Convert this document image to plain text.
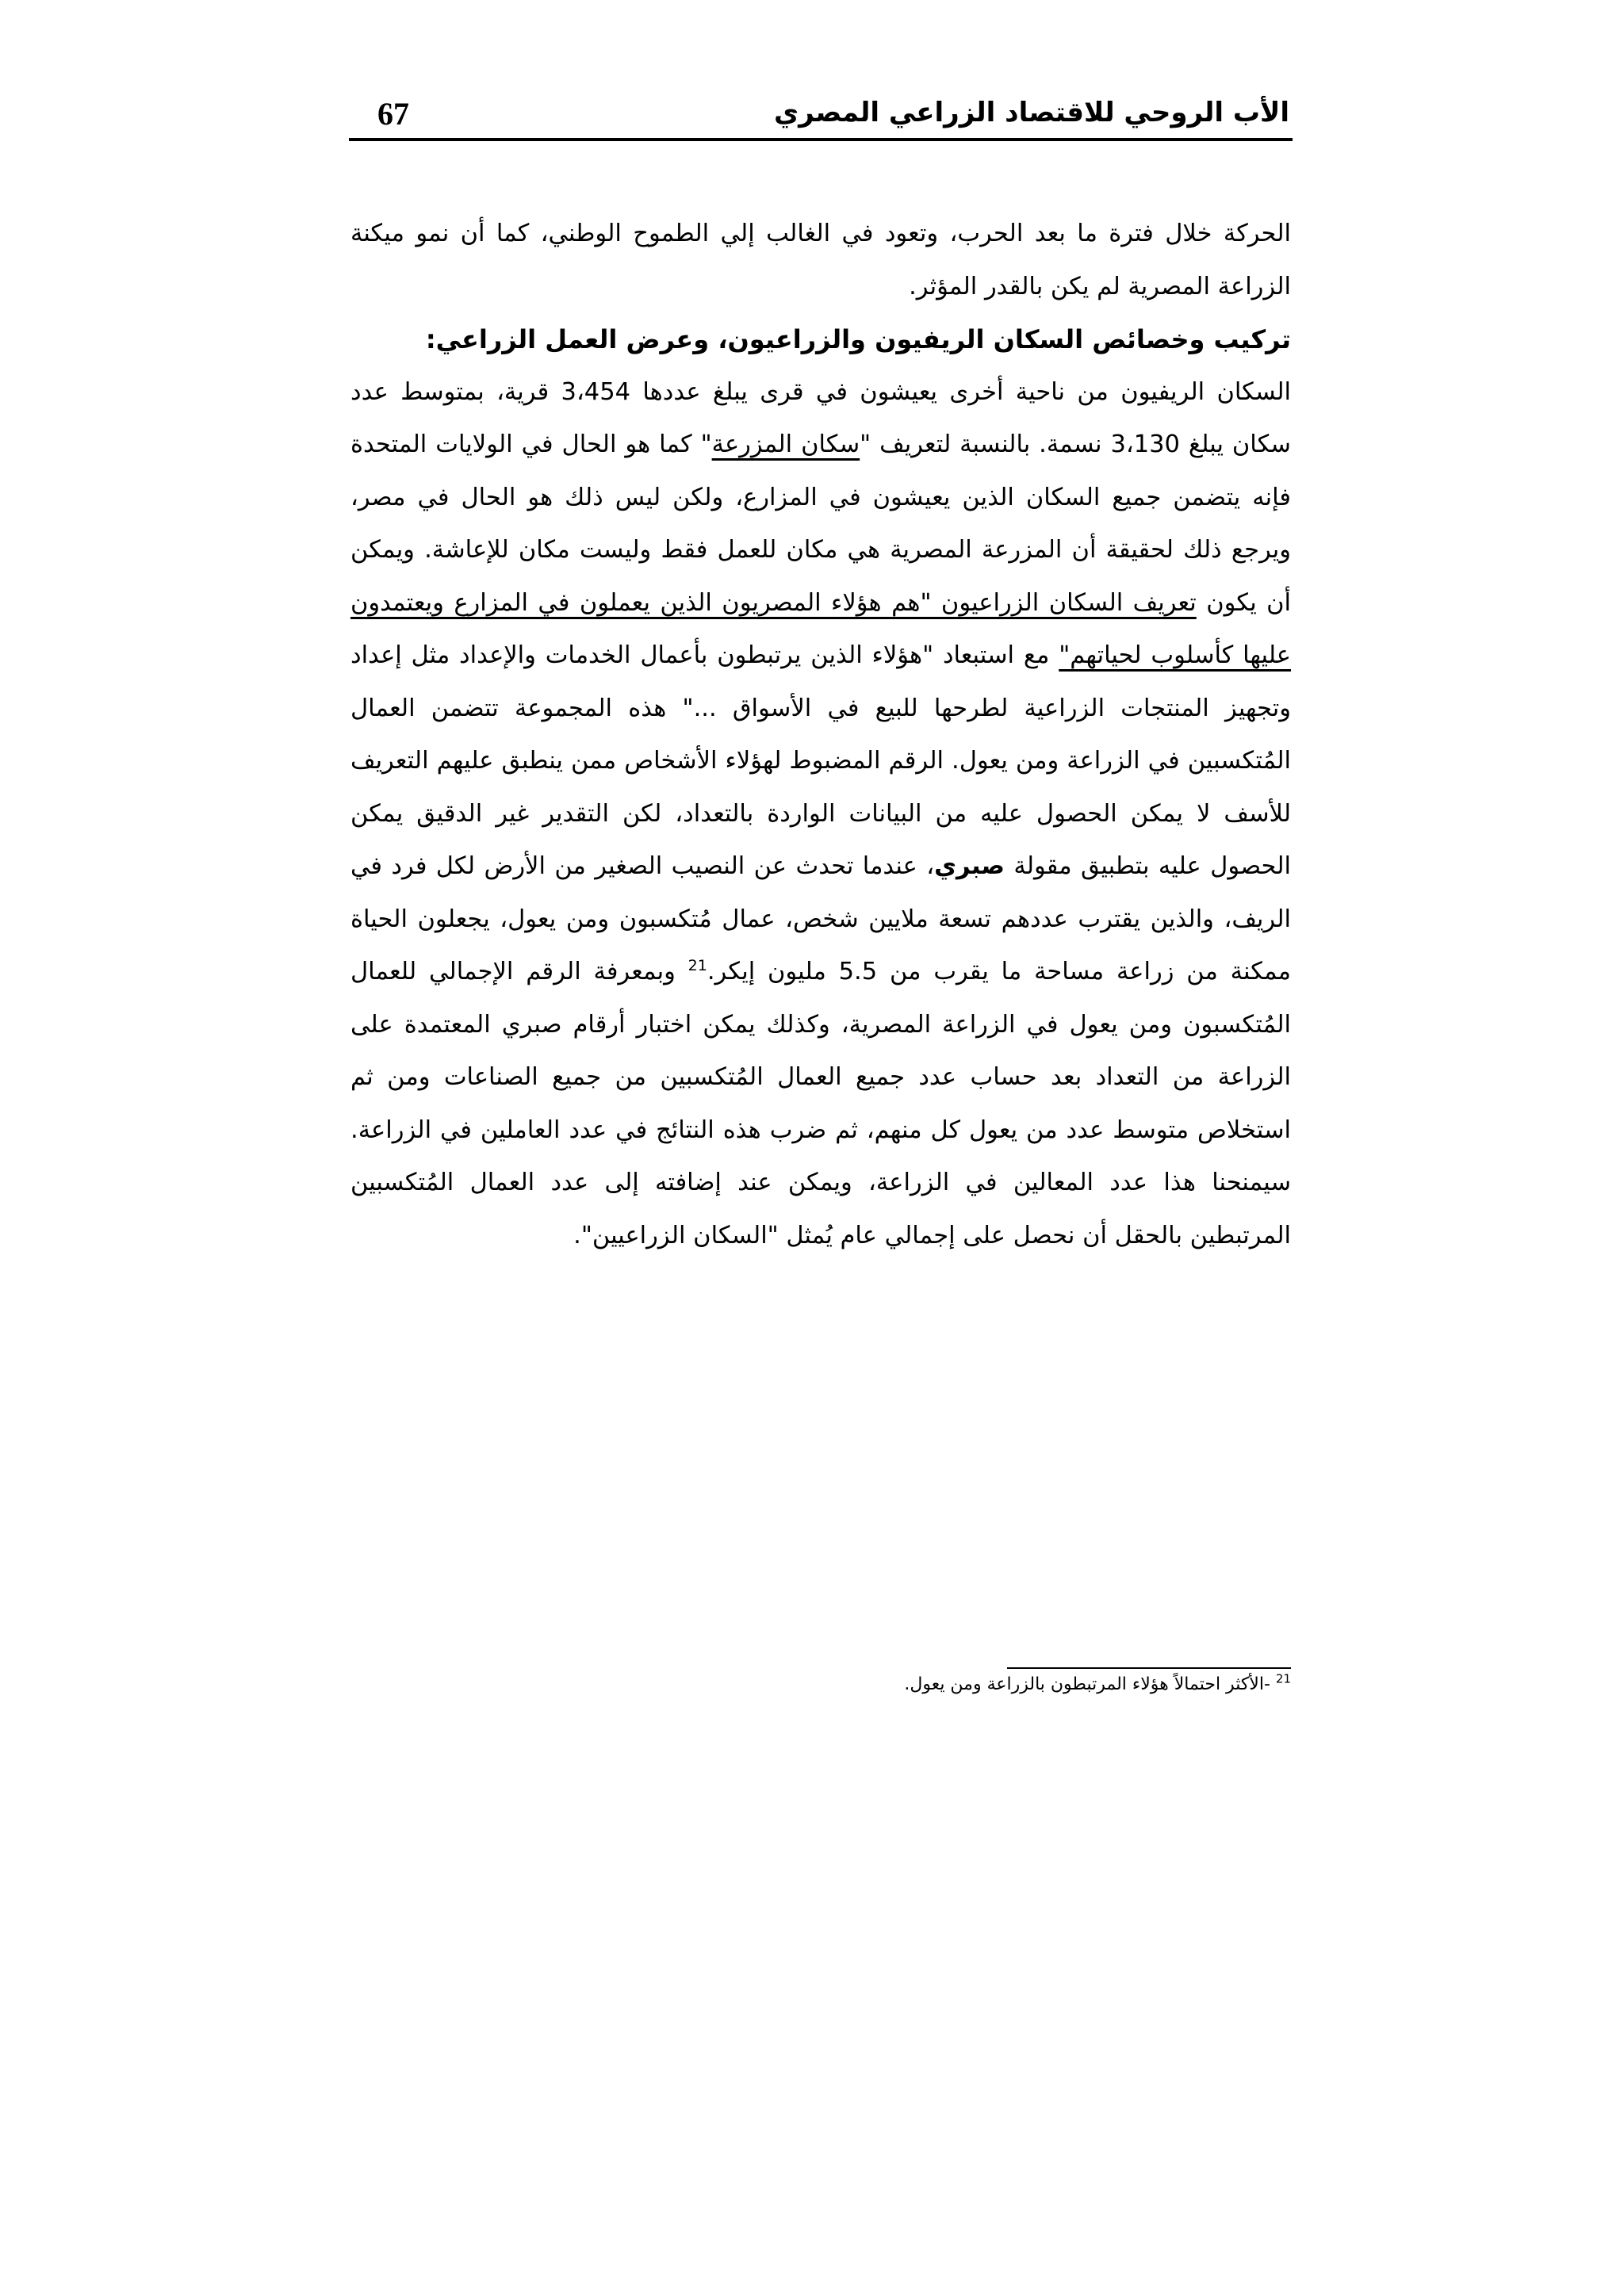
الأب الروحي للاقتصاد الزراعي المصري
67

الحركة خلال فترة ما بعد الحرب، وتعود في الغالب إلي الطموح الوطني، كما أن نمو ميكنة الزراعة المصرية لم يكن بالقدر المؤثر.

تركيب وخصائص السكان الريفيون والزراعيون، وعرض العمل الزراعي:

السكان الريفيون من ناحية أخرى يعيشون في قرى يبلغ عددها 3،454 قرية، بمتوسط عدد سكان يبلغ 3،130 نسمة. بالنسبة لتعريف "سكان المزرعة" كما هو الحال في الولايات المتحدة فإنه يتضمن جميع السكان الذين يعيشون في المزارع، ولكن ليس ذلك هو الحال في مصر، ويرجع ذلك لحقيقة أن المزرعة المصرية هي مكان للعمل فقط وليست مكان للإعاشة. ويمكن أن يكون تعريف السكان الزراعيون "هم هؤلاء المصريون الذين يعملون في المزارع ويعتمدون عليها كأسلوب لحياتهم" مع استبعاد "هؤلاء الذين يرتبطون بأعمال الخدمات والإعداد مثل إعداد وتجهيز المنتجات الزراعية لطرحها للبيع في الأسواق ..." هذه المجموعة تتضمن العمال المُتكسبين في الزراعة ومن يعول. الرقم المضبوط لهؤلاء الأشخاص ممن ينطبق عليهم التعريف للأسف لا يمكن الحصول عليه من البيانات الواردة بالتعداد، لكن التقدير غير الدقيق يمكن الحصول عليه بتطبيق مقولة صبري، عندما تحدث عن النصيب الصغير من الأرض لكل فرد في الريف، والذين يقترب عددهم تسعة ملايين شخص، عمال مُتكسبون ومن يعول، يجعلون الحياة ممكنة من زراعة مساحة ما يقرب من 5.5 مليون إيكر.$^{21}$ وبمعرفة الرقم الإجمالي للعمال المُتكسبون ومن يعول في الزراعة المصرية، وكذلك يمكن اختبار أرقام صبري المعتمدة على الزراعة من التعداد بعد حساب عدد جميع العمال المُتكسبين من جميع الصناعات ومن ثم استخلاص متوسط عدد من يعول كل منهم، ثم ضرب هذه النتائج في عدد العاملين في الزراعة. سيمنحنا هذا عدد المعالين في الزراعة، ويمكن عند إضافته إلى عدد العمال المُتكسبين المرتبطين بالحقل أن نحصل على إجمالي عام يُمثل "السكان الزراعيين".

$^{21}$ -الأكثر احتمالاً هؤلاء المرتبطون بالزراعة ومن يعول.
